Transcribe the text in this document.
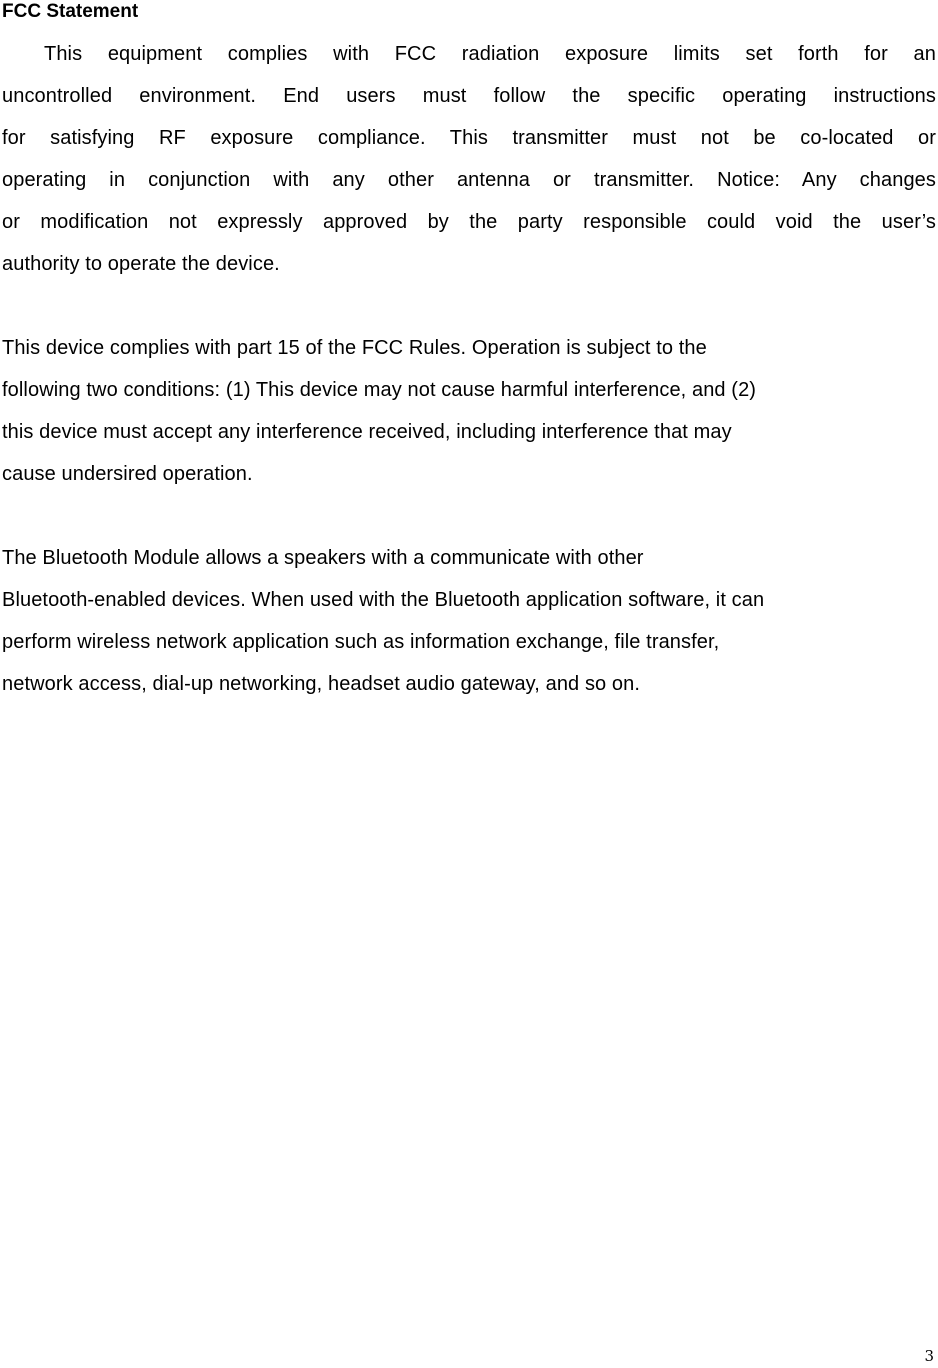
FCC Statement
This equipment complies with FCC radiation exposure limits set forth for an
uncontrolled environment. End users must follow the specific operating instructions
for satisfying RF exposure compliance. This transmitter must not be co-located or
operating in conjunction with any other antenna or transmitter. Notice: Any changes
or modification not expressly approved by the party responsible could void the user’s
authority to operate the device.
This device complies with part 15 of the FCC Rules. Operation is subject to the
following two conditions: (1) This device may not cause harmful interference, and (2)
this device must accept any interference received, including interference that may
cause undersired operation.
The Bluetooth Module allows a speakers with a communicate with other
Bluetooth-enabled devices. When used with the Bluetooth application software, it can
perform wireless network application such as information exchange, file transfer,
network access, dial-up networking, headset audio gateway, and so on.
3
